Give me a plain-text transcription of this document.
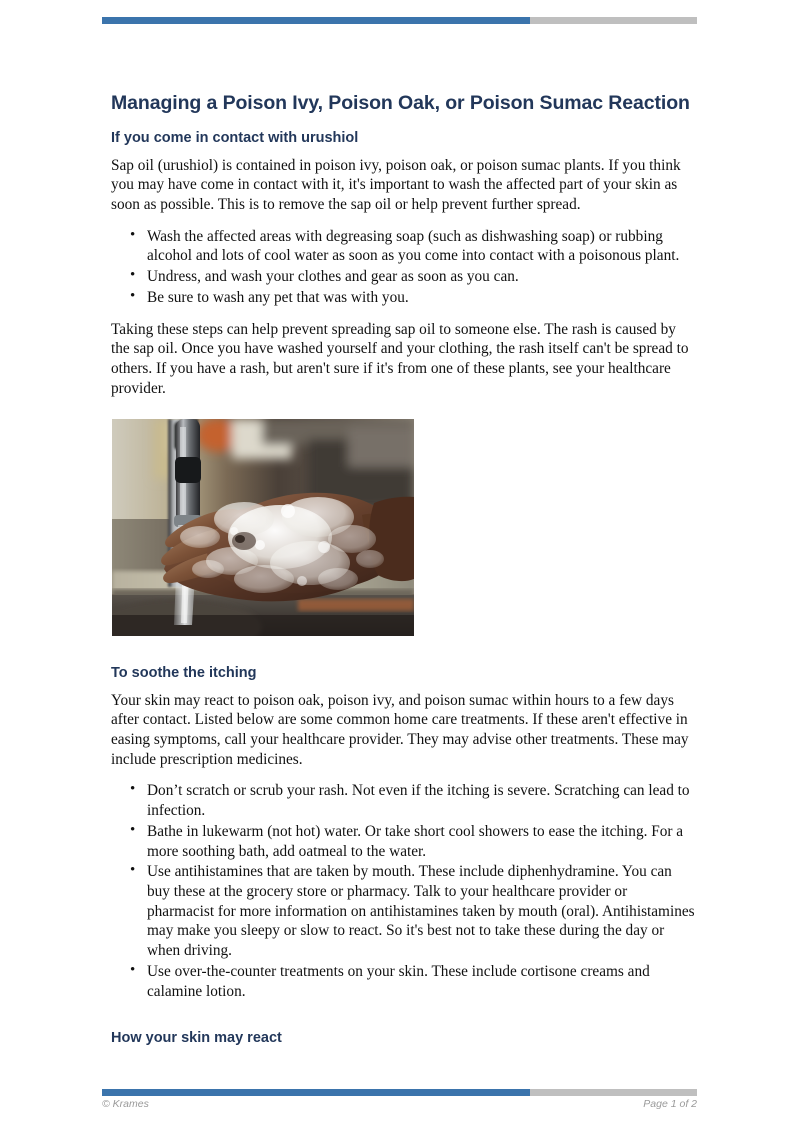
Managing a Poison Ivy, Poison Oak, or Poison Sumac Reaction
If you come in contact with urushiol

Sap oil (urushiol) is contained in poison ivy, poison oak, or poison sumac plants. If you think you may have come in contact with it, it's important to wash the affected part of your skin as soon as possible. This is to remove the sap oil or help prevent further spread.

• Wash the affected areas with degreasing soap (such as dishwashing soap) or rubbing alcohol and lots of cool water as soon as you come into contact with a poisonous plant.
• Undress, and wash your clothes and gear as soon as you can.
• Be sure to wash any pet that was with you.

Taking these steps can help prevent spreading sap oil to someone else. The rash is caused by the sap oil. Once you have washed yourself and your clothing, the rash itself can't be spread to others. If you have a rash, but aren't sure if it's from one of these plants, see your healthcare provider.

To soothe the itching

Your skin may react to poison oak, poison ivy, and poison sumac within hours to a few days after contact. Listed below are some common home care treatments. If these aren't effective in easing symptoms, call your healthcare provider. They may advise other treatments. These may include prescription medicines.

• Don’t scratch or scrub your rash. Not even if the itching is severe. Scratching can lead to infection.
• Bathe in lukewarm (not hot) water. Or take short cool showers to ease the itching. For a more soothing bath, add oatmeal to the water.
• Use antihistamines that are taken by mouth. These include diphenhydramine. You can buy these at the grocery store or pharmacy. Talk to your healthcare provider or pharmacist for more information on antihistamines taken by mouth (oral). Antihistamines may make you sleepy or slow to react. So it's best not to take these during the day or when driving.
• Use over-the-counter treatments on your skin. These include cortisone creams and calamine lotion.
How your skin may react
© Krames	Page 1 of 2
